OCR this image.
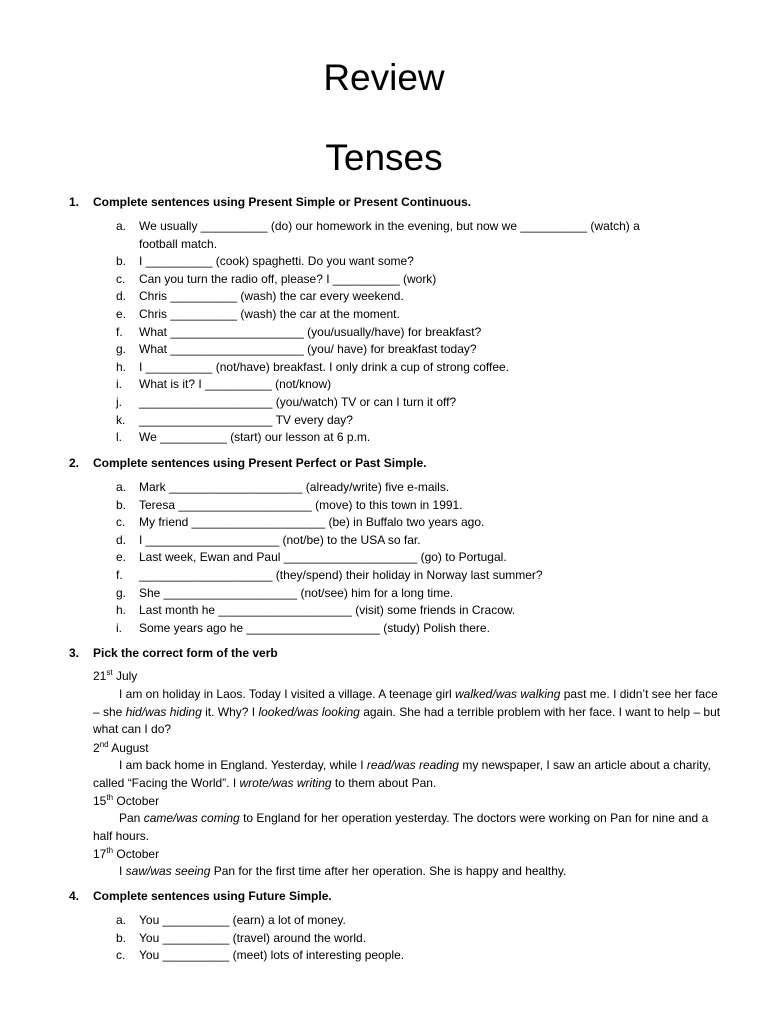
Review
Tenses
1. Complete sentences using Present Simple or Present Continuous.
a. We usually __________ (do) our homework in the evening, but now we __________ (watch) a football match.
b. I __________ (cook) spaghetti. Do you want some?
c. Can you turn the radio off, please? I __________ (work)
d. Chris __________ (wash) the car every weekend.
e. Chris __________ (wash) the car at the moment.
f. What ____________________ (you/usually/have) for breakfast?
g. What ____________________ (you/ have) for breakfast today?
h. I __________ (not/have) breakfast. I only drink a cup of strong coffee.
i. What is it? I __________ (not/know)
j. ____________________ (you/watch) TV or can I turn it off?
k. ____________________ TV every day?
l. We __________ (start) our lesson at 6 p.m.
2. Complete sentences using Present Perfect or Past Simple.
a. Mark ____________________ (already/write) five e-mails.
b. Teresa ____________________ (move) to this town in 1991.
c. My friend ____________________ (be) in Buffalo two years ago.
d. I ____________________ (not/be) to the USA so far.
e. Last week, Ewan and Paul ____________________ (go) to Portugal.
f. ____________________ (they/spend) their holiday in Norway last summer?
g. She ____________________ (not/see) him for a long time.
h. Last month he ____________________ (visit) some friends in Cracow.
i. Some years ago he ____________________ (study) Polish there.
3. Pick the correct form of the verb
21st July
I am on holiday in Laos. Today I visited a village. A teenage girl walked/was walking past me. I didn’t see her face – she hid/was hiding it. Why? I looked/was looking again. She had a terrible problem with her face. I want to help – but what can I do?
2nd August
I am back home in England. Yesterday, while I read/was reading my newspaper, I saw an article about a charity, called “Facing the World”. I wrote/was writing to them about Pan.
15th October
Pan came/was coming to England for her operation yesterday. The doctors were working on Pan for nine and a half hours.
17th October
I saw/was seeing Pan for the first time after her operation. She is happy and healthy.
4. Complete sentences using Future Simple.
a. You __________ (earn) a lot of money.
b. You __________ (travel) around the world.
c. You __________ (meet) lots of interesting people.
